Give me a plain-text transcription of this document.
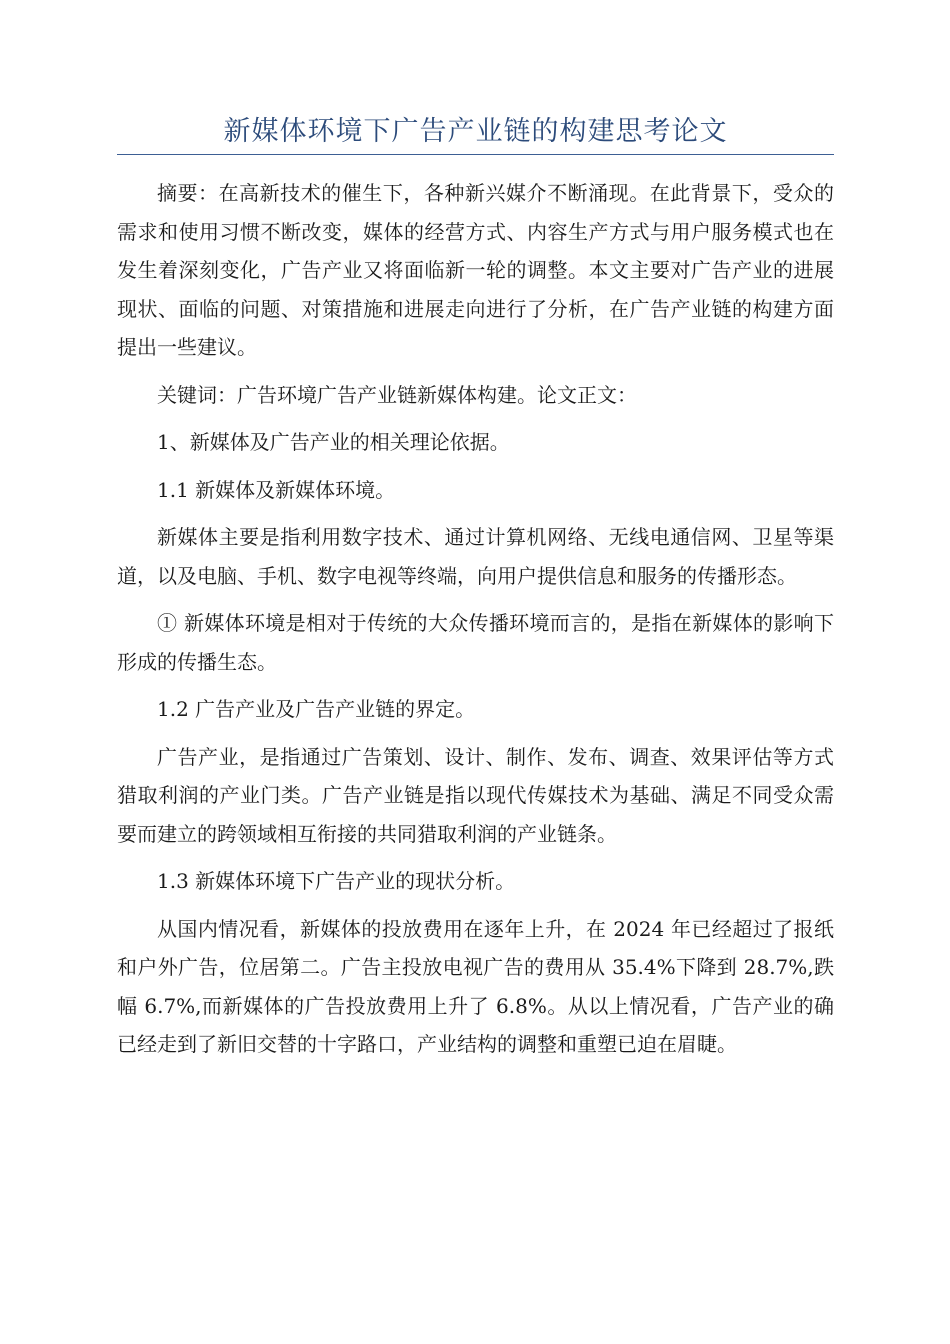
新媒体环境下广告产业链的构建思考论文

摘要：在高新技术的催生下，各种新兴媒介不断涌现。在此背景下，受众的需求和使用习惯不断改变，媒体的经营方式、内容生产方式与用户服务模式也在发生着深刻变化，广告产业又将面临新一轮的调整。本文主要对广告产业的进展现状、面临的问题、对策措施和进展走向进行了分析，在广告产业链的构建方面提出一些建议。

关键词：广告环境广告产业链新媒体构建。论文正文：

1、新媒体及广告产业的相关理论依据。

1.1 新媒体及新媒体环境。

新媒体主要是指利用数字技术、通过计算机网络、无线电通信网、卫星等渠道，以及电脑、手机、数字电视等终端，向用户提供信息和服务的传播形态。

① 新媒体环境是相对于传统的大众传播环境而言的，是指在新媒体的影响下形成的传播生态。

1.2 广告产业及广告产业链的界定。

广告产业，是指通过广告策划、设计、制作、发布、调查、效果评估等方式猎取利润的产业门类。广告产业链是指以现代传媒技术为基础、满足不同受众需要而建立的跨领域相互衔接的共同猎取利润的产业链条。

1.3 新媒体环境下广告产业的现状分析。

从国内情况看，新媒体的投放费用在逐年上升，在 2024 年已经超过了报纸和户外广告，位居第二。广告主投放电视广告的费用从 35.4%下降到 28.7%,跌幅 6.7%,而新媒体的广告投放费用上升了 6.8%。从以上情况看，广告产业的确已经走到了新旧交替的十字路口，产业结构的调整和重塑已迫在眉睫。
